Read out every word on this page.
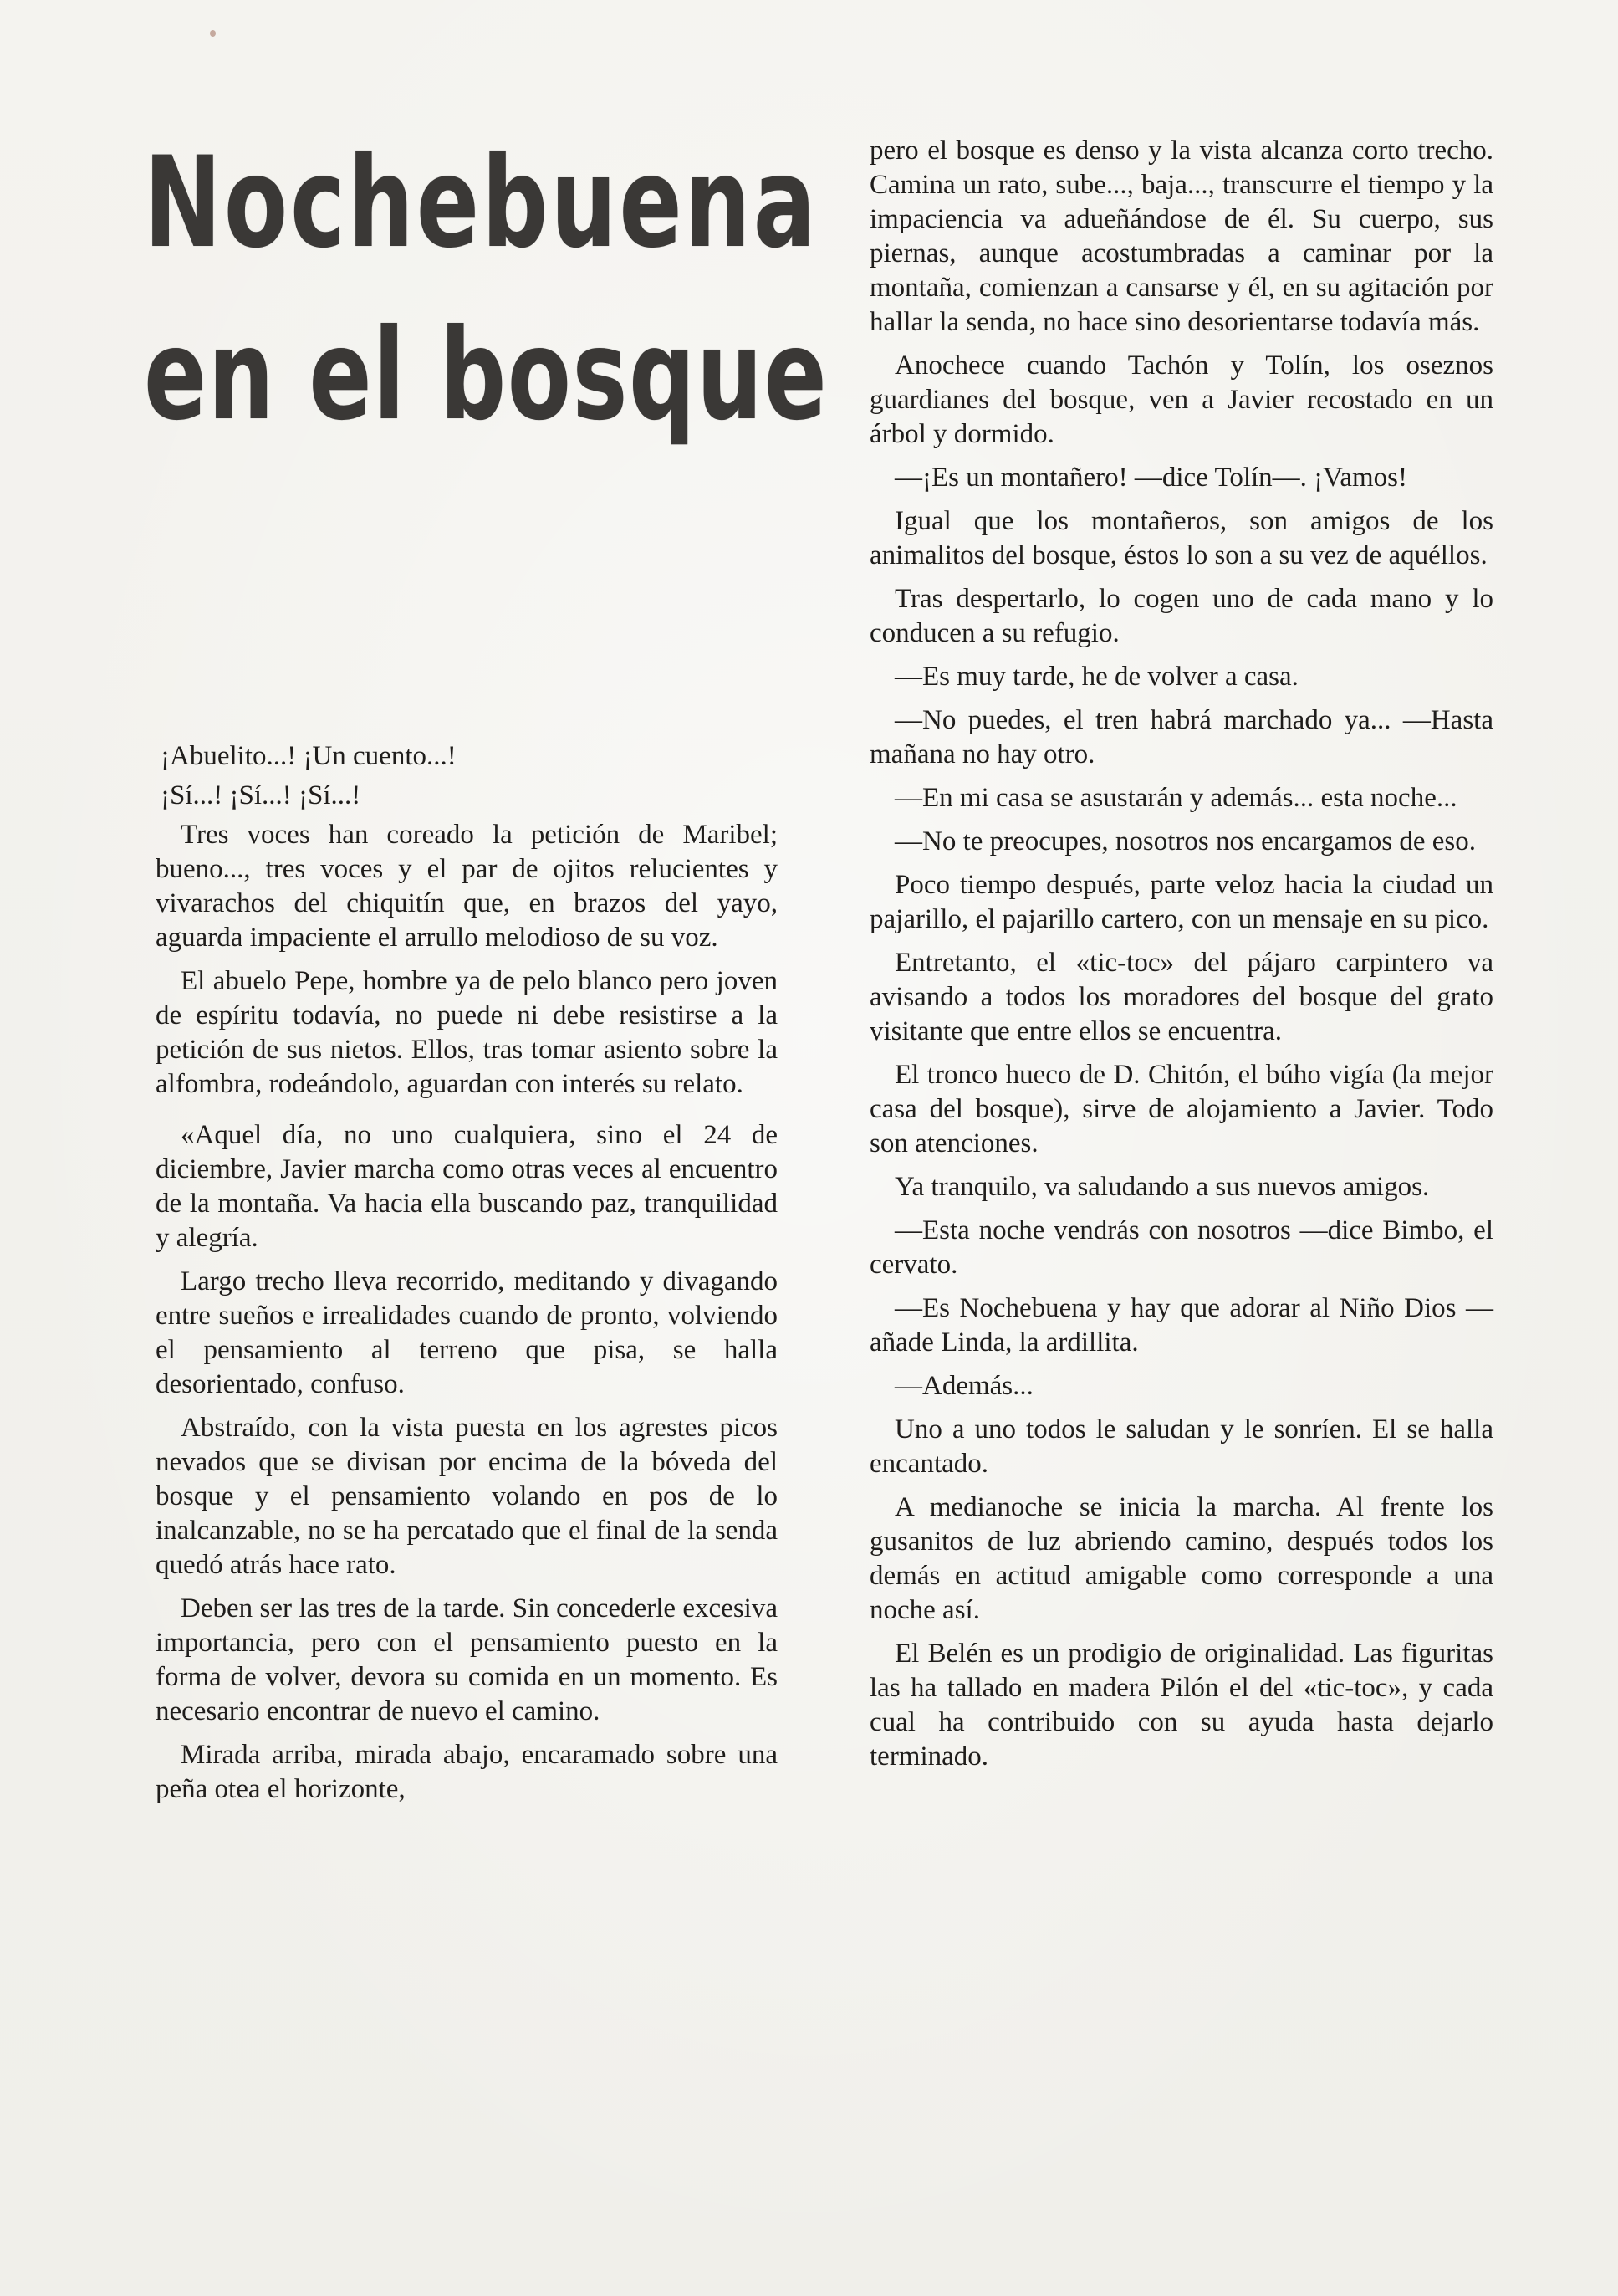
Nochebuena
en el bosque

¡Abuelito...! ¡Un cuento...!

¡Sí...! ¡Sí...! ¡Sí...!

Tres voces han coreado la petición de Maribel; bueno..., tres voces y el par de ojitos relucientes y vivarachos del chiquitín que, en brazos del yayo, aguarda impaciente el arrullo melodioso de su voz.

El abuelo Pepe, hombre ya de pelo blanco pero joven de espíritu todavía, no puede ni debe resistirse a la petición de sus nietos. Ellos, tras tomar asiento sobre la alfombra, rodeándolo, aguardan con interés su relato.

«Aquel día, no uno cualquiera, sino el 24 de diciembre, Javier marcha como otras veces al encuentro de la montaña. Va hacia ella buscando paz, tranquilidad y alegría.

Largo trecho lleva recorrido, meditando y divagando entre sueños e irrealidades cuando de pronto, volviendo el pensamiento al terreno que pisa, se halla desorientado, confuso.

Abstraído, con la vista puesta en los agrestes picos nevados que se divisan por encima de la bóveda del bosque y el pensamiento volando en pos de lo inalcanzable, no se ha percatado que el final de la senda quedó atrás hace rato.

Deben ser las tres de la tarde. Sin concederle excesiva importancia, pero con el pensamiento puesto en la forma de volver, devora su comida en un momento. Es necesario encontrar de nuevo el camino.

Mirada arriba, mirada abajo, encaramado sobre una peña otea el horizonte,

pero el bosque es denso y la vista alcanza corto trecho. Camina un rato, sube..., baja..., transcurre el tiempo y la impaciencia va adueñándose de él. Su cuerpo, sus piernas, aunque acostumbradas a caminar por la montaña, comienzan a cansarse y él, en su agitación por hallar la senda, no hace sino desorientarse todavía más.

Anochece cuando Tachón y Tolín, los oseznos guardianes del bosque, ven a Javier recostado en un árbol y dormido.

—¡Es un montañero! —dice Tolín—. ¡Vamos!

Igual que los montañeros, son amigos de los animalitos del bosque, éstos lo son a su vez de aquéllos.

Tras despertarlo, lo cogen uno de cada mano y lo conducen a su refugio.

—Es muy tarde, he de volver a casa.

—No puedes, el tren habrá marchado ya... —Hasta mañana no hay otro.

—En mi casa se asustarán y además... esta noche...

—No te preocupes, nosotros nos encargamos de eso.

Poco tiempo después, parte veloz hacia la ciudad un pajarillo, el pajarillo cartero, con un mensaje en su pico.

Entretanto, el «tic-toc» del pájaro carpintero va avisando a todos los moradores del bosque del grato visitante que entre ellos se encuentra.

El tronco hueco de D. Chitón, el búho vigía (la mejor casa del bosque), sirve de alojamiento a Javier. Todo son atenciones.

Ya tranquilo, va saludando a sus nuevos amigos.

—Esta noche vendrás con nosotros —dice Bimbo, el cervato.

—Es Nochebuena y hay que adorar al Niño Dios —añade Linda, la ardillita.

—Además...

Uno a uno todos le saludan y le sonríen. El se halla encantado.

A medianoche se inicia la marcha. Al frente los gusanitos de luz abriendo camino, después todos los demás en actitud amigable como corresponde a una noche así.

El Belén es un prodigio de originalidad. Las figuritas las ha tallado en madera Pilón el del «tic-toc», y cada cual ha contribuido con su ayuda hasta dejarlo terminado.
